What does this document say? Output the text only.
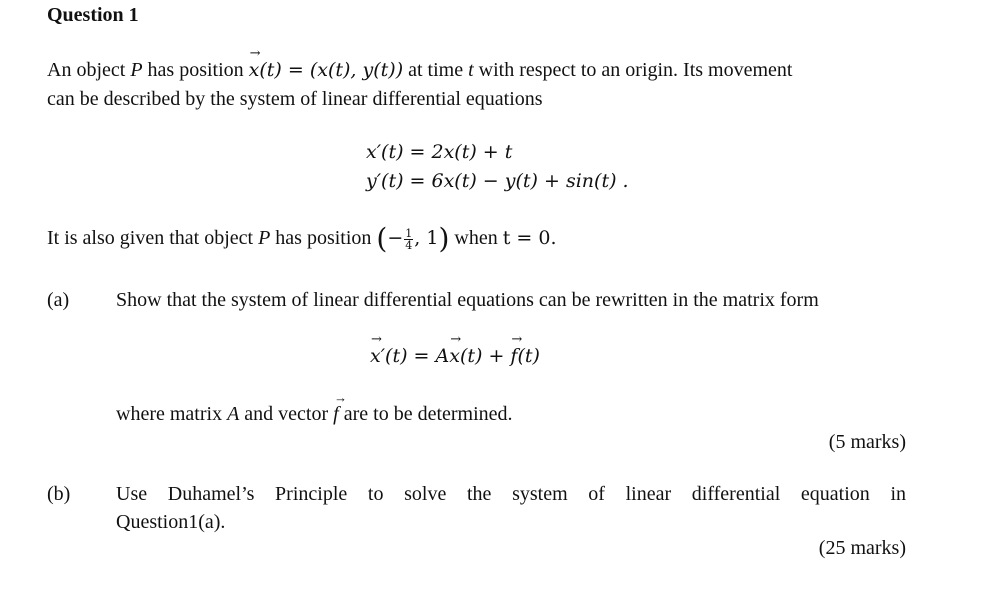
Question 1
An object P has position → x(t) = (x(t), y(t)) at time t with respect to an origin. Its movement
can be described by the system of linear differential equations
x′(t) = 2x(t) + t
y′(t) = 6x(t) − y(t) + sin(t) .
It is also given that object P has position (− $\frac{1}{4}$ , 1) when t = 0.
(a) Show that the system of linear differential equations can be rewritten in the matrix form
→ x′(t) = A→ x(t) + → f(t)
where matrix A and vector → f are to be determined.
(5 marks)
(b) Use Duhamel’s Principle to solve the system of linear differential equation in
Question1(a).
(25 marks)
